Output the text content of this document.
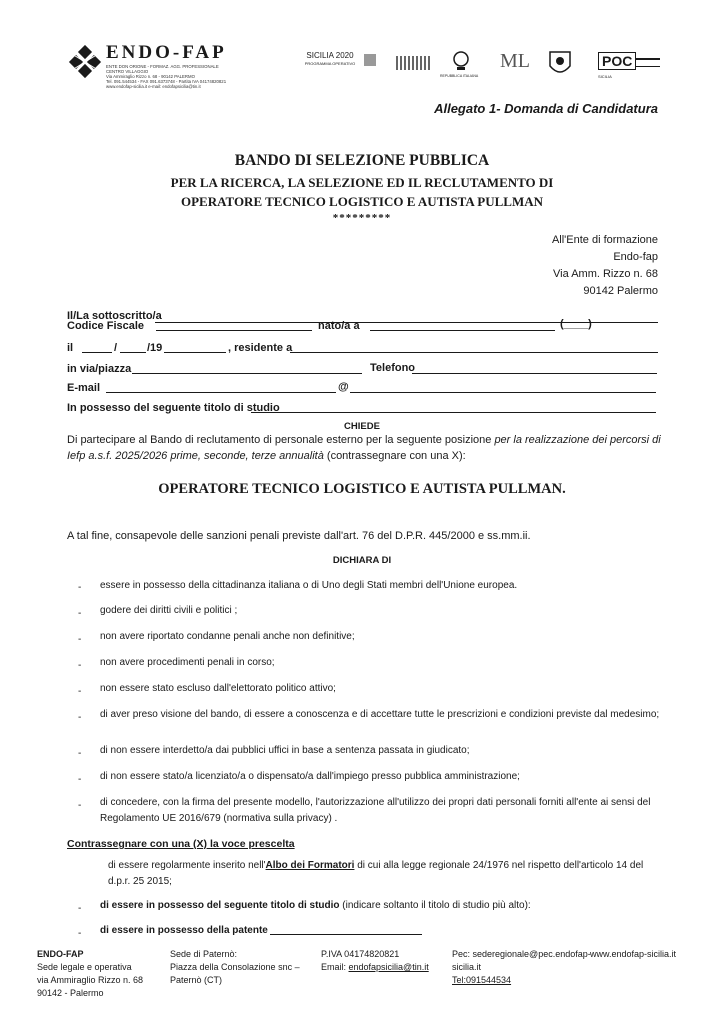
ENDO-FAP
ENTE DON ORIONE - FORMAZ. AGG. PROFESSIONALE
CENTRO VILLAGGIO
Via Ammiraglio Rizzo n. 68 - 90142 PALERMO
Tel. 091.544534 - FAX 091.6373748 - Partita IVA 04174820821
www.endofap-sicilia.it e-mail: endofapsicilia@tin.it
SICILIA 2020
PROGRAMMA OPERATIVO
REPUBBLICA ITALIANA
ML	POC
SICILIA
Allegato 1- Domanda di Candidatura
BANDO DI SELEZIONE PUBBLICA
PER LA RICERCA, LA SELEZIONE ED IL RECLUTAMENTO DI
OPERATORE TECNICO LOGISTICO E AUTISTA PULLMAN
*********
All'Ente di formazione
Endo-fap
Via Amm. Rizzo n. 68
90142 Palermo
Il/La sottoscritto/a
Codice Fiscale	nato/a a	(____)
il	/	/19	, residente a
in via/piazza	Telefono
E-mail	@
In possesso del seguente titolo di studio
CHIEDE
Di partecipare al Bando di reclutamento di personale esterno per la seguente posizione per la realizzazione dei percorsi di Iefp a.s.f. 2025/2026 prime, seconde, terze annualità (contrassegnare con una X):
OPERATORE TECNICO LOGISTICO E AUTISTA PULLMAN.
A tal fine, consapevole delle sanzioni penali previste dall'art. 76 del D.P.R. 445/2000 e ss.mm.ii.
DICHIARA DI
- essere in possesso della cittadinanza italiana o di Uno degli Stati membri dell'Unione europea.
- godere dei diritti civili e politici ;
- non avere riportato condanne penali anche non definitive;
- non avere procedimenti penali in corso;
- non essere stato escluso dall'elettorato politico attivo;
- di aver preso visione del bando, di essere a conoscenza e di accettare tutte le prescrizioni e condizioni previste dal medesimo;
- di non essere interdetto/a dai pubblici uffici in base a sentenza passata in giudicato;
- di non essere stato/a licenziato/a o dispensato/a dall'impiego presso pubblica amministrazione;
- di concedere, con la firma del presente modello, l'autorizzazione all'utilizzo dei propri dati personali forniti all'ente ai sensi del Regolamento UE 2016/679 (normativa sulla privacy) .
Contrassegnare con una (X) la voce prescelta
di essere regolarmente inserito nell'Albo dei Formatori di cui alla legge regionale 24/1976 nel rispetto dell'articolo 14 del d.p.r. 25 2015;
- di essere in possesso del seguente titolo di studio (indicare soltanto il titolo di studio più alto):
- di essere in possesso della patente
ENDO-FAP
Sede legale e operativa
via Ammiraglio Rizzo n. 68
90142 - Palermo
Sede di Paternò:
Piazza della Consolazione snc –
Paternò (CT)
P.IVA 04174820821
Email: endofapsicilia@tin.it
Pec: sederegionale@pec.endofap-
sicilia.it
Tel:091544534
www.endofap-sicilia.it
